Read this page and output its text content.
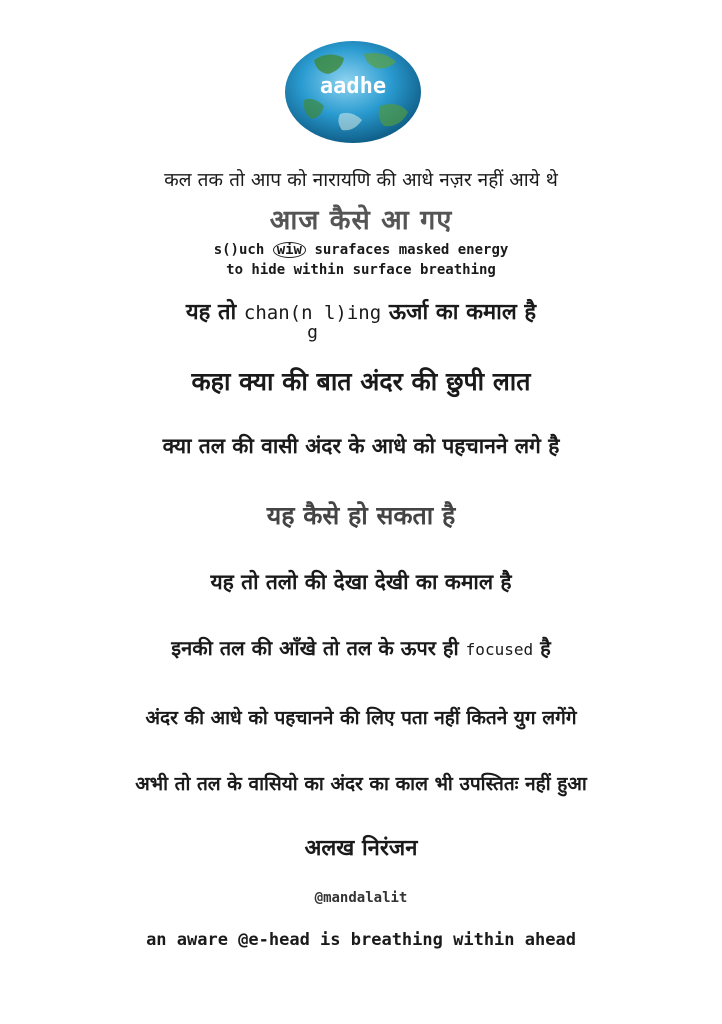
aadhe
कल तक तो आप को नारायणि की आधे नज़र नहीं आये थे
आज कैसे आ गए
s()uch wiw surafaces masked energy
to hide within surface breathing
यह तो chan(n l)ing
g
ऊर्जा का कमाल है
कहा क्या की बात अंदर की छुपी लात
क्या तल की वासी अंदर के आधे को पहचानने लगे है
यह कैसे हो सकता है
यह तो तलो की देखा देखी का कमाल है
इनकी तल की आँखे तो तल के ऊपर ही focused है
अंदर की आधे को पहचानने की लिए पता नहीं कितने युग लगेंगे
अभी तो तल के वासियो का अंदर का काल भी उपस्तितः नहीं हुआ
अलख निरंजन
@mandalalit
an aware @e-head is breathing within ahead
